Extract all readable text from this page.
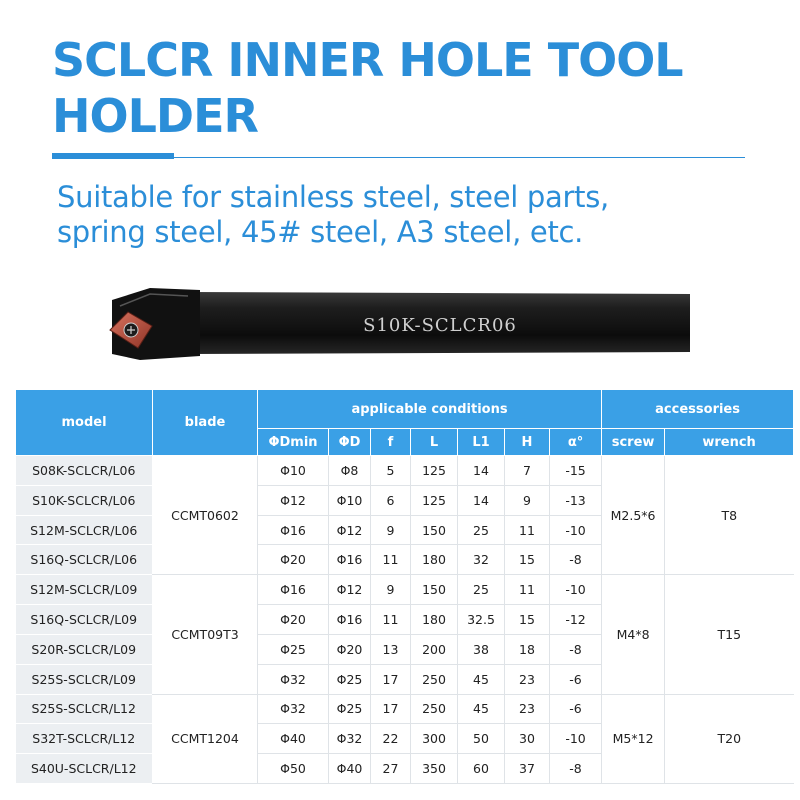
SCLCR INNER HOLE TOOL
HOLDER
Suitable for stainless steel, steel parts,
spring steel, 45# steel, A3 steel, etc.
S10K-SCLCR06
model	blade	applicable conditions							accessories	
		ΦDmin	ΦD	f	L	L1	H	α°	screw	wrench
S08K-SCLCR/L06	CCMT0602	Φ10	Φ8	5	125	14	7	-15	M2.5*6	T8
S10K-SCLCR/L06		Φ12	Φ10	6	125	14	9	-13		
S12M-SCLCR/L06		Φ16	Φ12	9	150	25	11	-10		
S16Q-SCLCR/L06		Φ20	Φ16	11	180	32	15	-8		
S12M-SCLCR/L09	CCMT09T3	Φ16	Φ12	9	150	25	11	-10	M4*8	T15
S16Q-SCLCR/L09		Φ20	Φ16	11	180	32.5	15	-12		
S20R-SCLCR/L09		Φ25	Φ20	13	200	38	18	-8		
S25S-SCLCR/L09		Φ32	Φ25	17	250	45	23	-6		
S25S-SCLCR/L12	CCMT1204	Φ32	Φ25	17	250	45	23	-6	M5*12	T20
S32T-SCLCR/L12		Φ40	Φ32	22	300	50	30	-10		
S40U-SCLCR/L12		Φ50	Φ40	27	350	60	37	-8		
